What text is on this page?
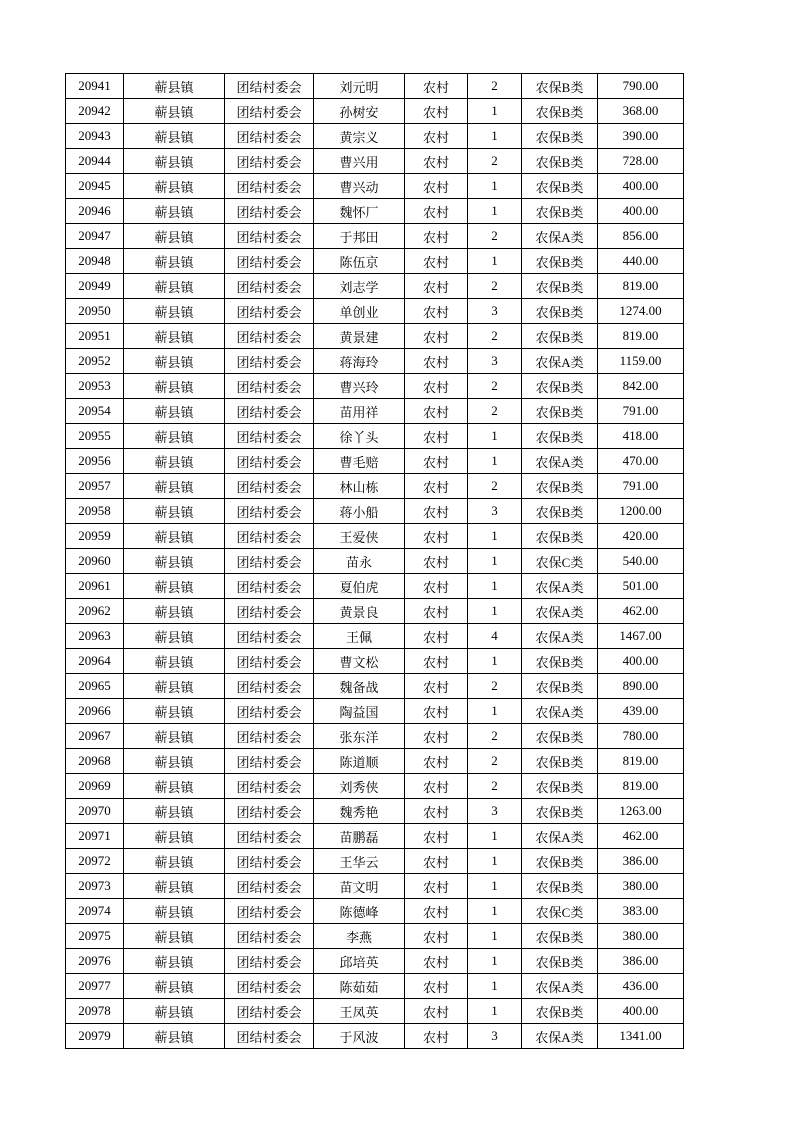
20941	蕲县镇	团结村委会	刘元明	农村	2	农保B类	790.00
20942	蕲县镇	团结村委会	孙树安	农村	1	农保B类	368.00
20943	蕲县镇	团结村委会	黄宗义	农村	1	农保B类	390.00
20944	蕲县镇	团结村委会	曹兴用	农村	2	农保B类	728.00
20945	蕲县镇	团结村委会	曹兴动	农村	1	农保B类	400.00
20946	蕲县镇	团结村委会	魏怀厂	农村	1	农保B类	400.00
20947	蕲县镇	团结村委会	于邦田	农村	2	农保A类	856.00
20948	蕲县镇	团结村委会	陈伍京	农村	1	农保B类	440.00
20949	蕲县镇	团结村委会	刘志学	农村	2	农保B类	819.00
20950	蕲县镇	团结村委会	单创业	农村	3	农保B类	1274.00
20951	蕲县镇	团结村委会	黄景建	农村	2	农保B类	819.00
20952	蕲县镇	团结村委会	蒋海玲	农村	3	农保A类	1159.00
20953	蕲县镇	团结村委会	曹兴玲	农村	2	农保B类	842.00
20954	蕲县镇	团结村委会	苗用祥	农村	2	农保B类	791.00
20955	蕲县镇	团结村委会	徐丫头	农村	1	农保B类	418.00
20956	蕲县镇	团结村委会	曹毛赔	农村	1	农保A类	470.00
20957	蕲县镇	团结村委会	林山栋	农村	2	农保B类	791.00
20958	蕲县镇	团结村委会	蒋小船	农村	3	农保B类	1200.00
20959	蕲县镇	团结村委会	王爱侠	农村	1	农保B类	420.00
20960	蕲县镇	团结村委会	苗永	农村	1	农保C类	540.00
20961	蕲县镇	团结村委会	夏伯虎	农村	1	农保A类	501.00
20962	蕲县镇	团结村委会	黄景良	农村	1	农保A类	462.00
20963	蕲县镇	团结村委会	王佩	农村	4	农保A类	1467.00
20964	蕲县镇	团结村委会	曹文松	农村	1	农保B类	400.00
20965	蕲县镇	团结村委会	魏备战	农村	2	农保B类	890.00
20966	蕲县镇	团结村委会	陶益国	农村	1	农保A类	439.00
20967	蕲县镇	团结村委会	张东洋	农村	2	农保B类	780.00
20968	蕲县镇	团结村委会	陈道顺	农村	2	农保B类	819.00
20969	蕲县镇	团结村委会	刘秀侠	农村	2	农保B类	819.00
20970	蕲县镇	团结村委会	魏秀艳	农村	3	农保B类	1263.00
20971	蕲县镇	团结村委会	苗鹏磊	农村	1	农保A类	462.00
20972	蕲县镇	团结村委会	王华云	农村	1	农保B类	386.00
20973	蕲县镇	团结村委会	苗文明	农村	1	农保B类	380.00
20974	蕲县镇	团结村委会	陈德峰	农村	1	农保C类	383.00
20975	蕲县镇	团结村委会	李燕	农村	1	农保B类	380.00
20976	蕲县镇	团结村委会	邱培英	农村	1	农保B类	386.00
20977	蕲县镇	团结村委会	陈茹茹	农村	1	农保A类	436.00
20978	蕲县镇	团结村委会	王凤英	农村	1	农保B类	400.00
20979	蕲县镇	团结村委会	于风波	农村	3	农保A类	1341.00
